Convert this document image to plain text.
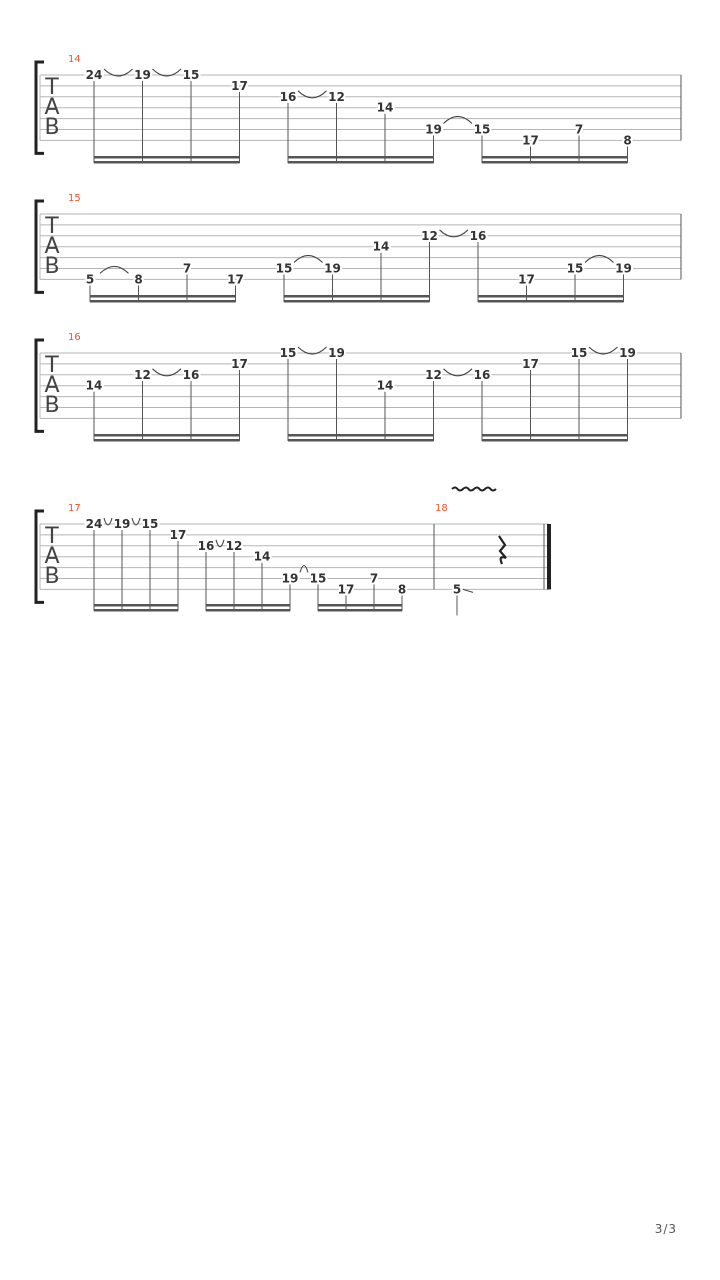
T
A
B
14
24	19	15
17
16	12
14
19	15
17
7
8
T
A
B
15
5	8
7
17
15	19
14
12	16
17
15	19
T
A
B
16
14
12	16
17
15	19
14
12	16
17
15	19
T
A
B
17	18
24 19 15
17
16 12
14
19 15
17
7
8	5
3/3
